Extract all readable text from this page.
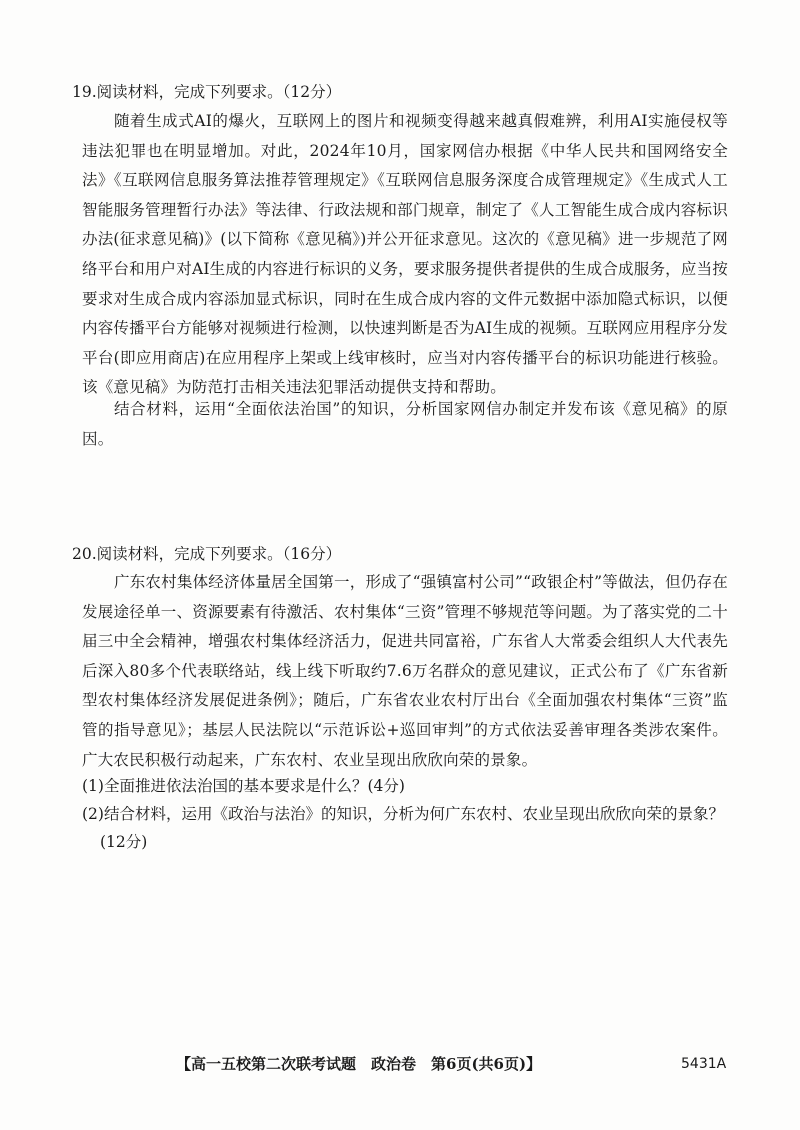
19.阅读材料，完成下列要求。（12分）
随着生成式AI的爆火，互联网上的图片和视频变得越来越真假难辨，利用AI实施侵权等违法犯罪也在明显增加。对此，2024年10月，国家网信办根据《中华人民共和国网络安全法》《互联网信息服务算法推荐管理规定》《互联网信息服务深度合成管理规定》《生成式人工智能服务管理暂行办法》等法律、行政法规和部门规章，制定了《人工智能生成合成内容标识办法(征求意见稿)》(以下简称《意见稿》)并公开征求意见。这次的《意见稿》进一步规范了网络平台和用户对AI生成的内容进行标识的义务，要求服务提供者提供的生成合成服务，应当按要求对生成合成内容添加显式标识，同时在生成合成内容的文件元数据中添加隐式标识，以便内容传播平台方能够对视频进行检测，以快速判断是否为AI生成的视频。互联网应用程序分发平台(即应用商店)在应用程序上架或上线审核时，应当对内容传播平台的标识功能进行核验。该《意见稿》为防范打击相关违法犯罪活动提供支持和帮助。
结合材料，运用“全面依法治国”的知识，分析国家网信办制定并发布该《意见稿》的原因。
20.阅读材料，完成下列要求。（16分）
广东农村集体经济体量居全国第一，形成了“强镇富村公司”“政银企村”等做法，但仍存在发展途径单一、资源要素有待激活、农村集体“三资”管理不够规范等问题。为了落实党的二十届三中全会精神，增强农村集体经济活力，促进共同富裕，广东省人大常委会组织人大代表先后深入80多个代表联络站，线上线下听取约7.6万名群众的意见建议，正式公布了《广东省新型农村集体经济发展促进条例》；随后，广东省农业农村厅出台《全面加强农村集体“三资”监管的指导意见》；基层人民法院以“示范诉讼+巡回审判”的方式依法妥善审理各类涉农案件。广大农民积极行动起来，广东农村、农业呈现出欣欣向荣的景象。
(1)全面推进依法治国的基本要求是什么？(4分)
(2)结合材料，运用《政治与法治》的知识，分析为何广东农村、农业呈现出欣欣向荣的景象？
(12分)
【高一五校第二次联考试题　政治卷　第6页(共6页)】	5431A
